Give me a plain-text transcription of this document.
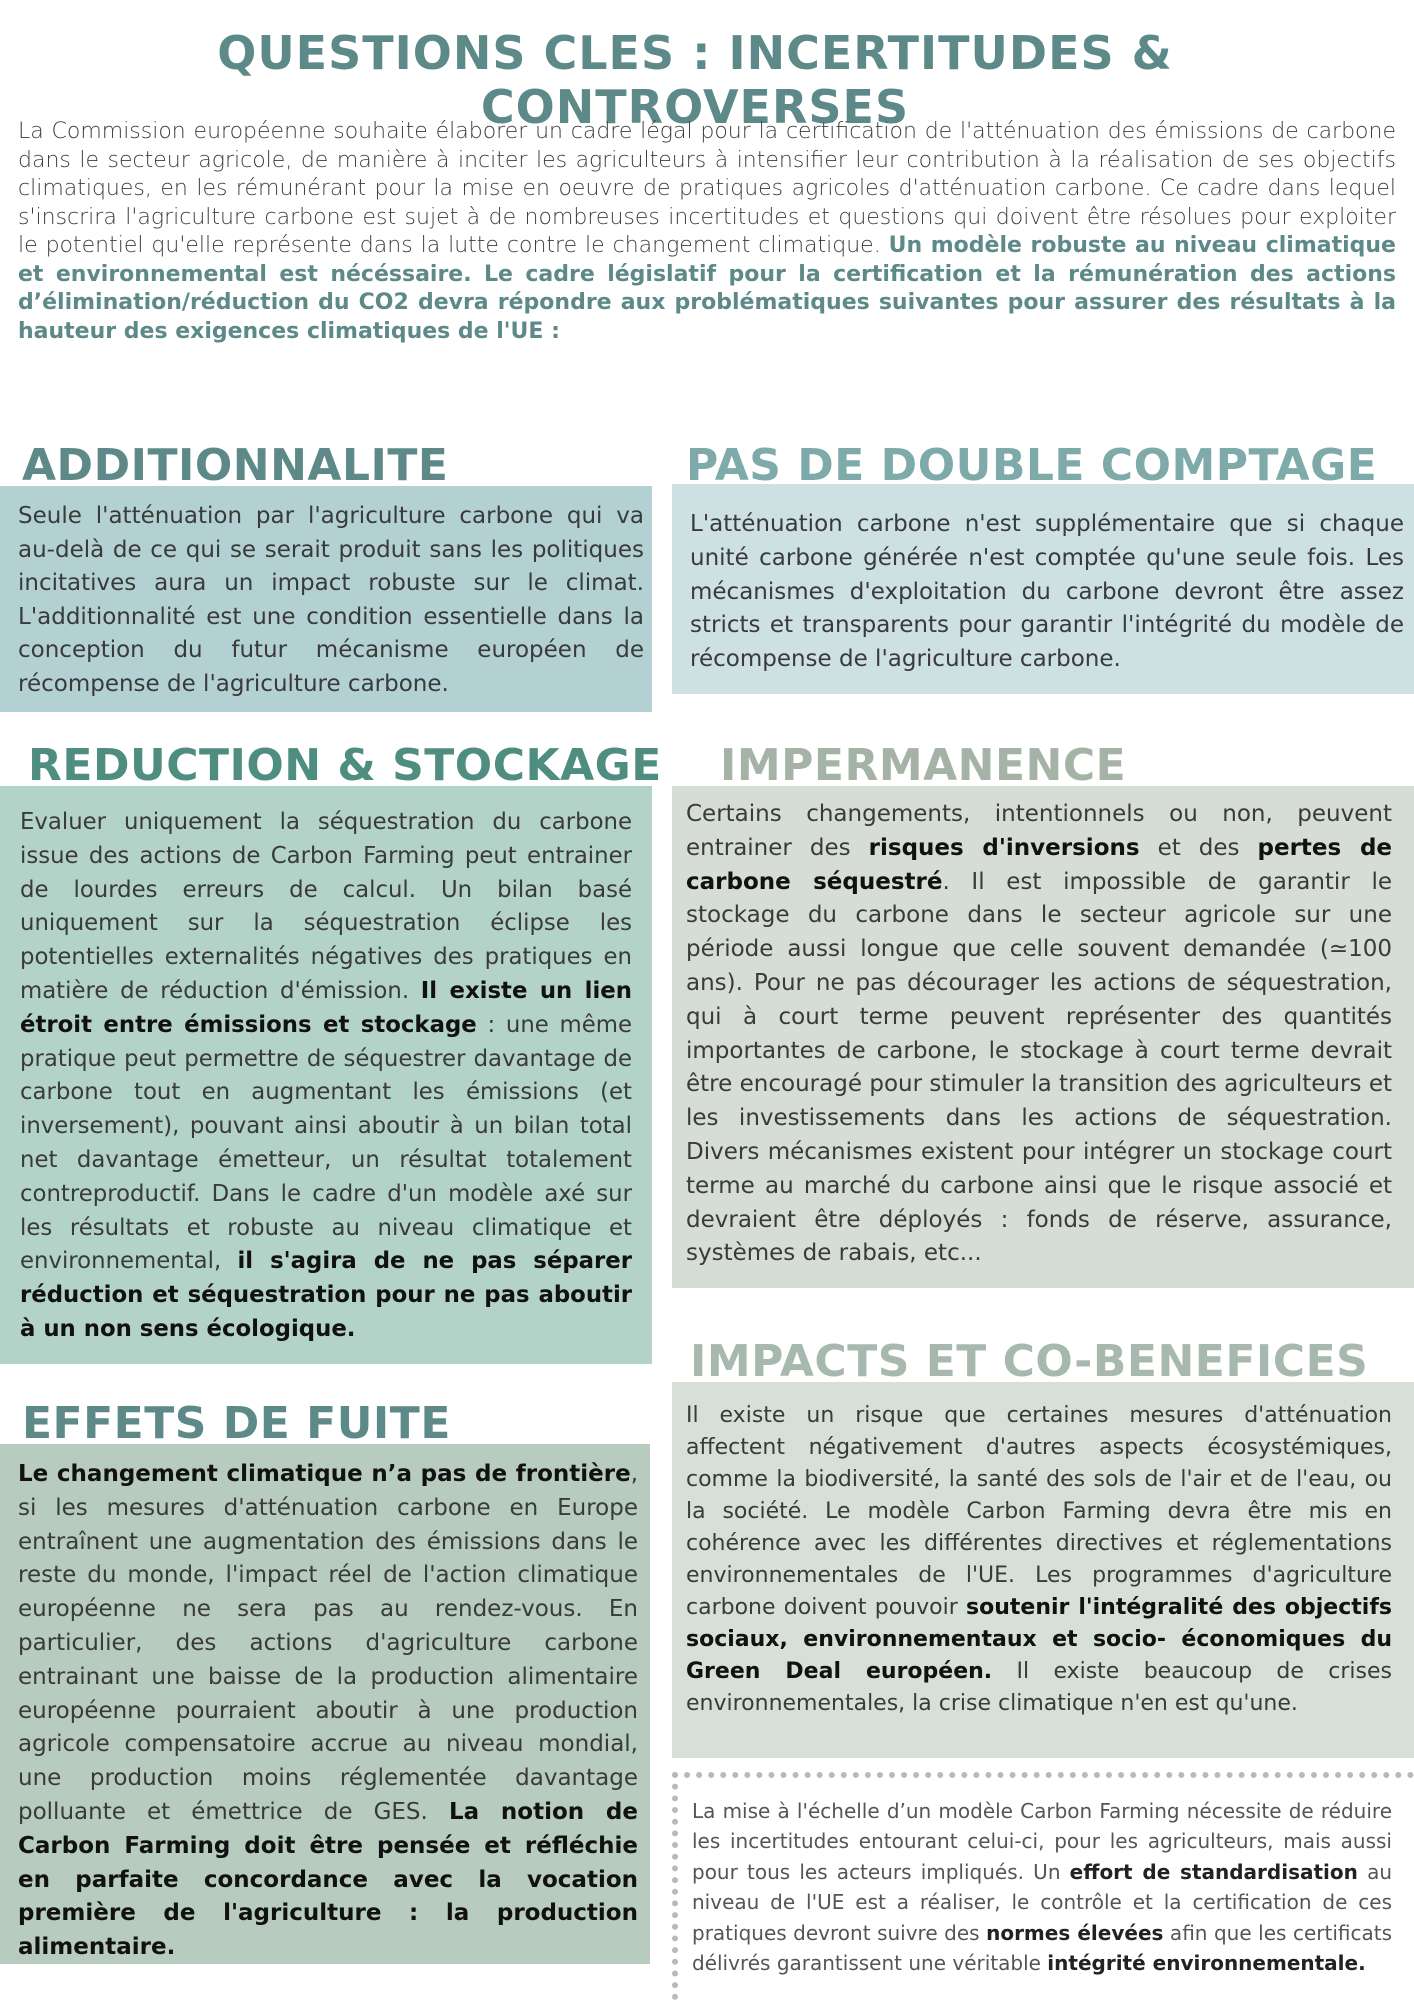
QUESTIONS CLES : INCERTITUDES & CONTROVERSES

La Commission européenne souhaite élaborer un cadre légal pour la certification de l'atténuation des émissions de carbone dans le secteur agricole, de manière à inciter les agriculteurs à intensifier leur contribution à la réalisation de ses objectifs climatiques, en les rémunérant pour la mise en oeuvre de pratiques agricoles d'atténuation carbone. Ce cadre dans lequel s'inscrira l'agriculture carbone est sujet à de nombreuses incertitudes et questions qui doivent être résolues pour exploiter le potentiel qu'elle représente dans la lutte contre le changement climatique. Un modèle robuste au niveau climatique et environnemental est nécéssaire. Le cadre législatif pour la certification et la rémunération des actions d’élimination/réduction du CO2 devra répondre aux problématiques suivantes pour assurer des résultats à la hauteur des exigences climatiques de l'UE :

ADDITIONNALITE

Seule l'atténuation par l'agriculture carbone qui va au-delà de ce qui se serait produit sans les politiques incitatives aura un impact robuste sur le climat. L'additionnalité est une condition essentielle dans la conception du futur mécanisme européen de récompense de l'agriculture carbone.

PAS DE DOUBLE COMPTAGE

L'atténuation carbone n'est supplémentaire que si chaque unité carbone générée n'est comptée qu'une seule fois. Les mécanismes d'exploitation du carbone devront être assez stricts et transparents pour garantir l'intégrité du modèle de récompense de l'agriculture carbone.

REDUCTION & STOCKAGE

Evaluer uniquement la séquestration du carbone issue des actions de Carbon Farming peut entrainer de lourdes erreurs de calcul. Un bilan basé uniquement sur la séquestration éclipse les potentielles externalités négatives des pratiques en matière de réduction d'émission. Il existe un lien étroit entre émissions et stockage : une même pratique peut permettre de séquestrer davantage de carbone tout en augmentant les émissions (et inversement), pouvant ainsi aboutir à un bilan total net davantage émetteur, un résultat totalement contreproductif. Dans le cadre d'un modèle axé sur les résultats et robuste au niveau climatique et environnemental, il s'agira de ne pas séparer réduction et séquestration pour ne pas aboutir à un non sens écologique.

IMPERMANENCE

Certains changements, intentionnels ou non, peuvent entrainer des risques d'inversions et des pertes de carbone séquestré. Il est impossible de garantir le stockage du carbone dans le secteur agricole sur une période aussi longue que celle souvent demandée (≃100 ans). Pour ne pas décourager les actions de séquestration, qui à court terme peuvent représenter des quantités importantes de carbone, le stockage à court terme devrait être encouragé pour stimuler la transition des agriculteurs et les investissements dans les actions de séquestration. Divers mécanismes existent pour intégrer un stockage court terme au marché du carbone ainsi que le risque associé et devraient être déployés : fonds de réserve, assurance, systèmes de rabais, etc...

EFFETS DE FUITE

Le changement climatique n’a pas de frontière, si les mesures d'atténuation carbone en Europe entraînent une augmentation des émissions dans le reste du monde, l'impact réel de l'action climatique européenne ne sera pas au rendez-vous. En particulier, des actions d'agriculture carbone entrainant une baisse de la production alimentaire européenne pourraient aboutir à une production agricole compensatoire accrue au niveau mondial, une production moins réglementée davantage polluante et émettrice de GES. La notion de Carbon Farming doit être pensée et réfléchie en parfaite concordance avec la vocation première de l'agriculture : la production alimentaire.

IMPACTS ET CO-BENEFICES

Il existe un risque que certaines mesures d'atténuation affectent négativement d'autres aspects écosystémiques, comme la biodiversité, la santé des sols de l'air et de l'eau, ou la société. Le modèle Carbon Farming devra être mis en cohérence avec les différentes directives et réglementations environnementales de l'UE. Les programmes d'agriculture carbone doivent pouvoir soutenir l'intégralité des objectifs sociaux, environnementaux et socio- économiques du Green Deal européen. Il existe beaucoup de crises environnementales, la crise climatique n'en est qu'une.

La mise à l'échelle d’un modèle Carbon Farming nécessite de réduire les incertitudes entourant celui-ci, pour les agriculteurs, mais aussi pour tous les acteurs impliqués. Un effort de standardisation au niveau de l'UE est a réaliser, le contrôle et la certification de ces pratiques devront suivre des normes élevées afin que les certificats délivrés garantissent une véritable intégrité environnementale.
